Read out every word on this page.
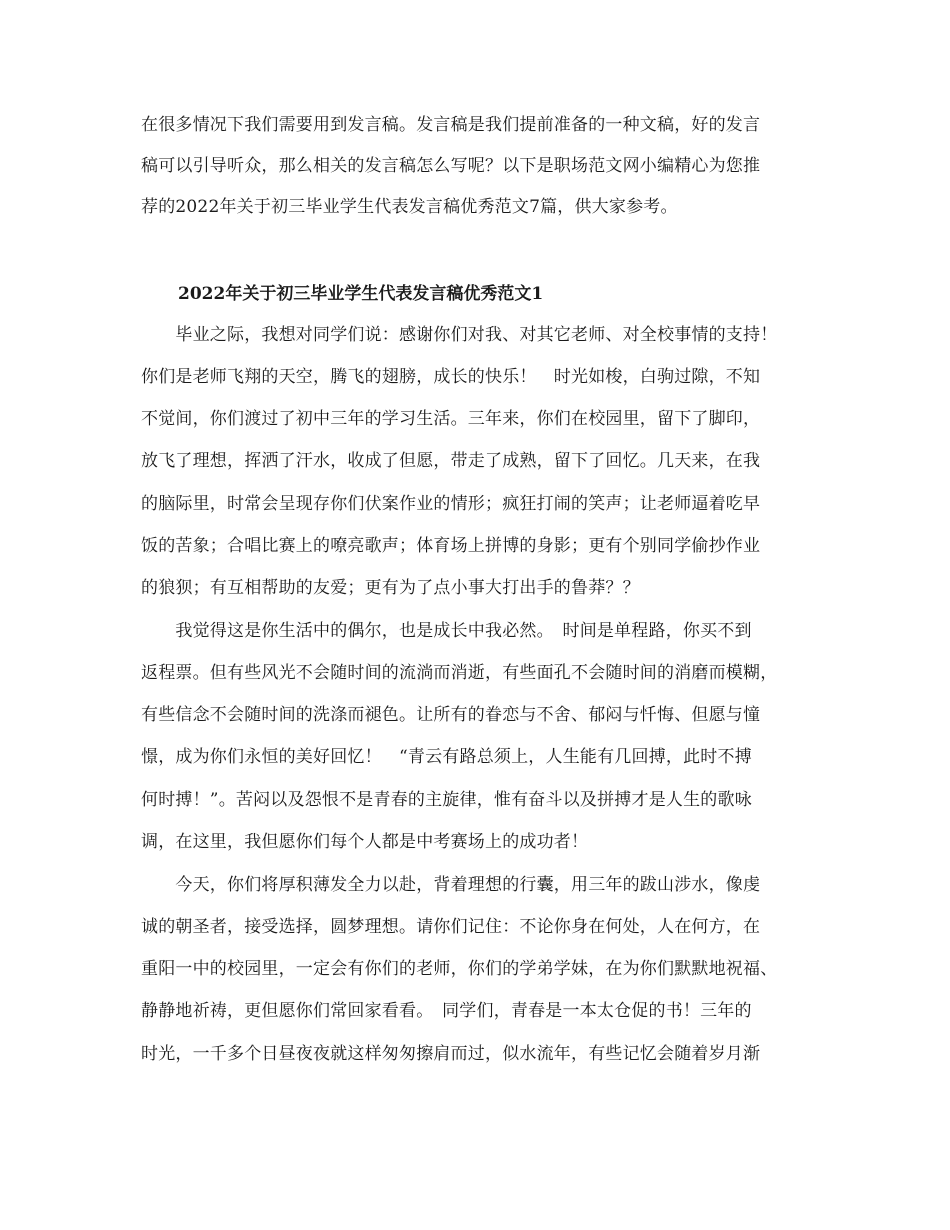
在很多情况下我们需要用到发言稿。发言稿是我们提前准备的一种文稿，好的发言
稿可以引导听众，那么相关的发言稿怎么写呢？以下是职场范文网小编精心为您推
荐的2022年关于初三毕业学生代表发言稿优秀范文7篇，供大家参考。
2022年关于初三毕业学生代表发言稿优秀范文1
　　毕业之际，我想对同学们说：感谢你们对我、对其它老师、对全校事情的支持！
你们是老师飞翔的天空，腾飞的翅膀，成长的快乐！　时光如梭，白驹过隙，不知
不觉间，你们渡过了初中三年的学习生活。三年来，你们在校园里，留下了脚印，
放飞了理想，挥洒了汗水，收成了但愿，带走了成熟，留下了回忆。几天来，在我
的脑际里，时常会呈现存你们伏案作业的情形；疯狂打闹的笑声；让老师逼着吃早
饭的苦象；合唱比赛上的嘹亮歌声；体育场上拼博的身影；更有个别同学偷抄作业
的狼狈；有互相帮助的友爱；更有为了点小事大打出手的鲁莽？？
　　我觉得这是你生活中的偶尔，也是成长中我必然。　时间是单程路，你买不到
返程票。但有些风光不会随时间的流淌而消逝，有些面孔不会随时间的消磨而模糊，
有些信念不会随时间的洗涤而褪色。让所有的眷恋与不舍、郁闷与忏悔、但愿与憧
憬，成为你们永恒的美好回忆！　“青云有路总须上，人生能有几回搏，此时不搏
何时搏！”。苦闷以及怨恨不是青春的主旋律，惟有奋斗以及拼搏才是人生的歌咏
调，在这里，我但愿你们每个人都是中考赛场上的成功者！
　　今天，你们将厚积薄发全力以赴，背着理想的行囊，用三年的跋山涉水，像虔
诚的朝圣者，接受选择，圆梦理想。请你们记住：不论你身在何处，人在何方，在
重阳一中的校园里，一定会有你们的老师，你们的学弟学妹，在为你们默默地祝福、
静静地祈祷，更但愿你们常回家看看。　同学们，青春是一本太仓促的书！三年的
时光，一千多个日昼夜夜就这样匆匆擦肩而过，似水流年，有些记忆会随着岁月渐
